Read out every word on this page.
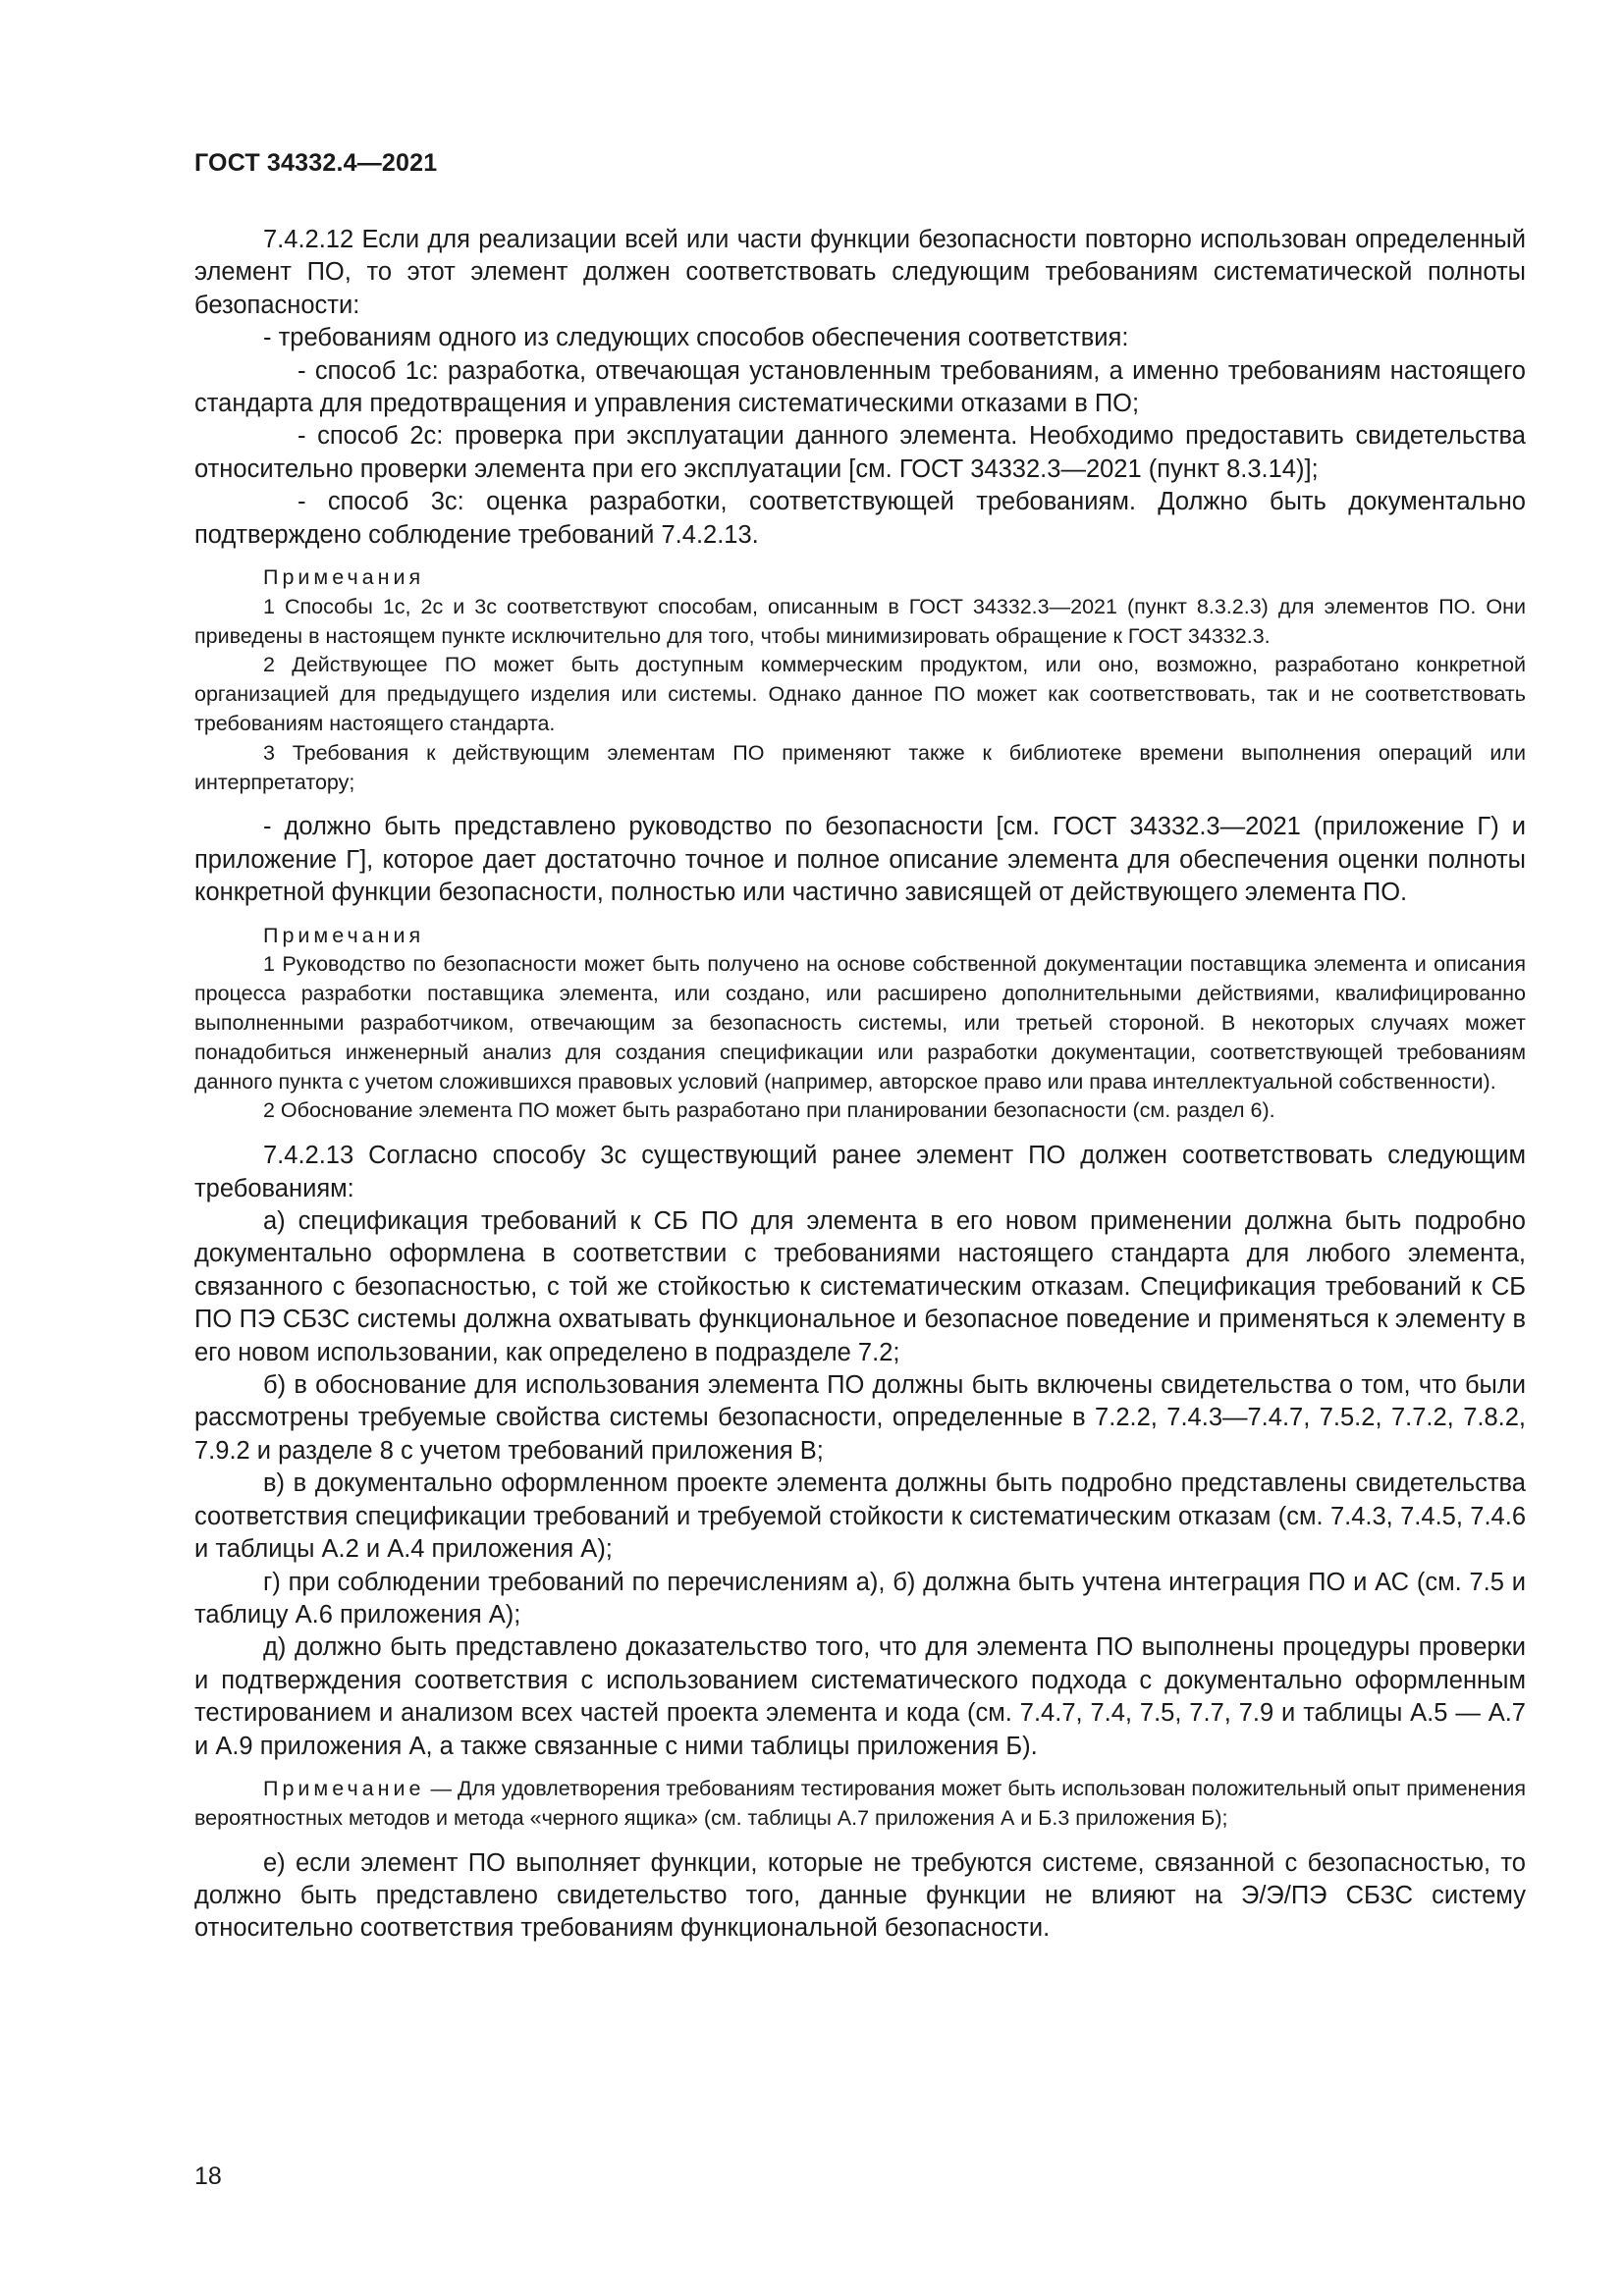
ГОСТ 34332.4—2021

7.4.2.12 Если для реализации всей или части функции безопасности повторно использован определенный элемент ПО, то этот элемент должен соответствовать следующим требованиям систематической полноты безопасности:

- требованиям одного из следующих способов обеспечения соответствия:

- способ 1с: разработка, отвечающая установленным требованиям, а именно требованиям настоящего стандарта для предотвращения и управления систематическими отказами в ПО;

- способ 2с: проверка при эксплуатации данного элемента. Необходимо предоставить свидетельства относительно проверки элемента при его эксплуатации [см. ГОСТ 34332.3—2021 (пункт 8.3.14)];

- способ 3с: оценка разработки, соответствующей требованиям. Должно быть документально подтверждено соблюдение требований 7.4.2.13.

Примечания

1 Способы 1с, 2с и 3с соответствуют способам, описанным в ГОСТ 34332.3—2021 (пункт 8.3.2.3) для элементов ПО. Они приведены в настоящем пункте исключительно для того, чтобы минимизировать обращение к ГОСТ 34332.3.

2 Действующее ПО может быть доступным коммерческим продуктом, или оно, возможно, разработано конкретной организацией для предыдущего изделия или системы. Однако данное ПО может как соответствовать, так и не соответствовать требованиям настоящего стандарта.

3 Требования к действующим элементам ПО применяют также к библиотеке времени выполнения операций или интерпретатору;

- должно быть представлено руководство по безопасности [см. ГОСТ 34332.3—2021 (приложение Г) и приложение Г], которое дает достаточно точное и полное описание элемента для обеспечения оценки полноты конкретной функции безопасности, полностью или частично зависящей от действующего элемента ПО.

Примечания

1 Руководство по безопасности может быть получено на основе собственной документации поставщика элемента и описания процесса разработки поставщика элемента, или создано, или расширено дополнительными действиями, квалифицированно выполненными разработчиком, отвечающим за безопасность системы, или третьей стороной. В некоторых случаях может понадобиться инженерный анализ для создания спецификации или разработки документации, соответствующей требованиям данного пункта с учетом сложившихся правовых условий (например, авторское право или права интеллектуальной собственности).

2 Обоснование элемента ПО может быть разработано при планировании безопасности (см. раздел 6).

7.4.2.13 Согласно способу 3с существующий ранее элемент ПО должен соответствовать следующим требованиям:

а) спецификация требований к СБ ПО для элемента в его новом применении должна быть подробно документально оформлена в соответствии с требованиями настоящего стандарта для любого элемента, связанного с безопасностью, с той же стойкостью к систематическим отказам. Спецификация требований к СБ ПО ПЭ СБЗС системы должна охватывать функциональное и безопасное поведение и применяться к элементу в его новом использовании, как определено в подразделе 7.2;

б) в обоснование для использования элемента ПО должны быть включены свидетельства о том, что были рассмотрены требуемые свойства системы безопасности, определенные в 7.2.2, 7.4.3—7.4.7, 7.5.2, 7.7.2, 7.8.2, 7.9.2 и разделе 8 с учетом требований приложения В;

в) в документально оформленном проекте элемента должны быть подробно представлены свидетельства соответствия спецификации требований и требуемой стойкости к систематическим отказам (см. 7.4.3, 7.4.5, 7.4.6 и таблицы А.2 и А.4 приложения А);

г) при соблюдении требований по перечислениям а), б) должна быть учтена интеграция ПО и АС (см. 7.5 и таблицу А.6 приложения А);

д) должно быть представлено доказательство того, что для элемента ПО выполнены процедуры проверки и подтверждения соответствия с использованием систематического подхода с документально оформленным тестированием и анализом всех частей проекта элемента и кода (см. 7.4.7, 7.4, 7.5, 7.7, 7.9 и таблицы А.5 — А.7 и А.9 приложения А, а также связанные с ними таблицы приложения Б).

Примечание — Для удовлетворения требованиям тестирования может быть использован положительный опыт применения вероятностных методов и метода «черного ящика» (см. таблицы А.7 приложения А и Б.3 приложения Б);

е) если элемент ПО выполняет функции, которые не требуются системе, связанной с безопасностью, то должно быть представлено свидетельство того, данные функции не влияют на Э/Э/ПЭ СБЗС систему относительно соответствия требованиям функциональной безопасности.

18
